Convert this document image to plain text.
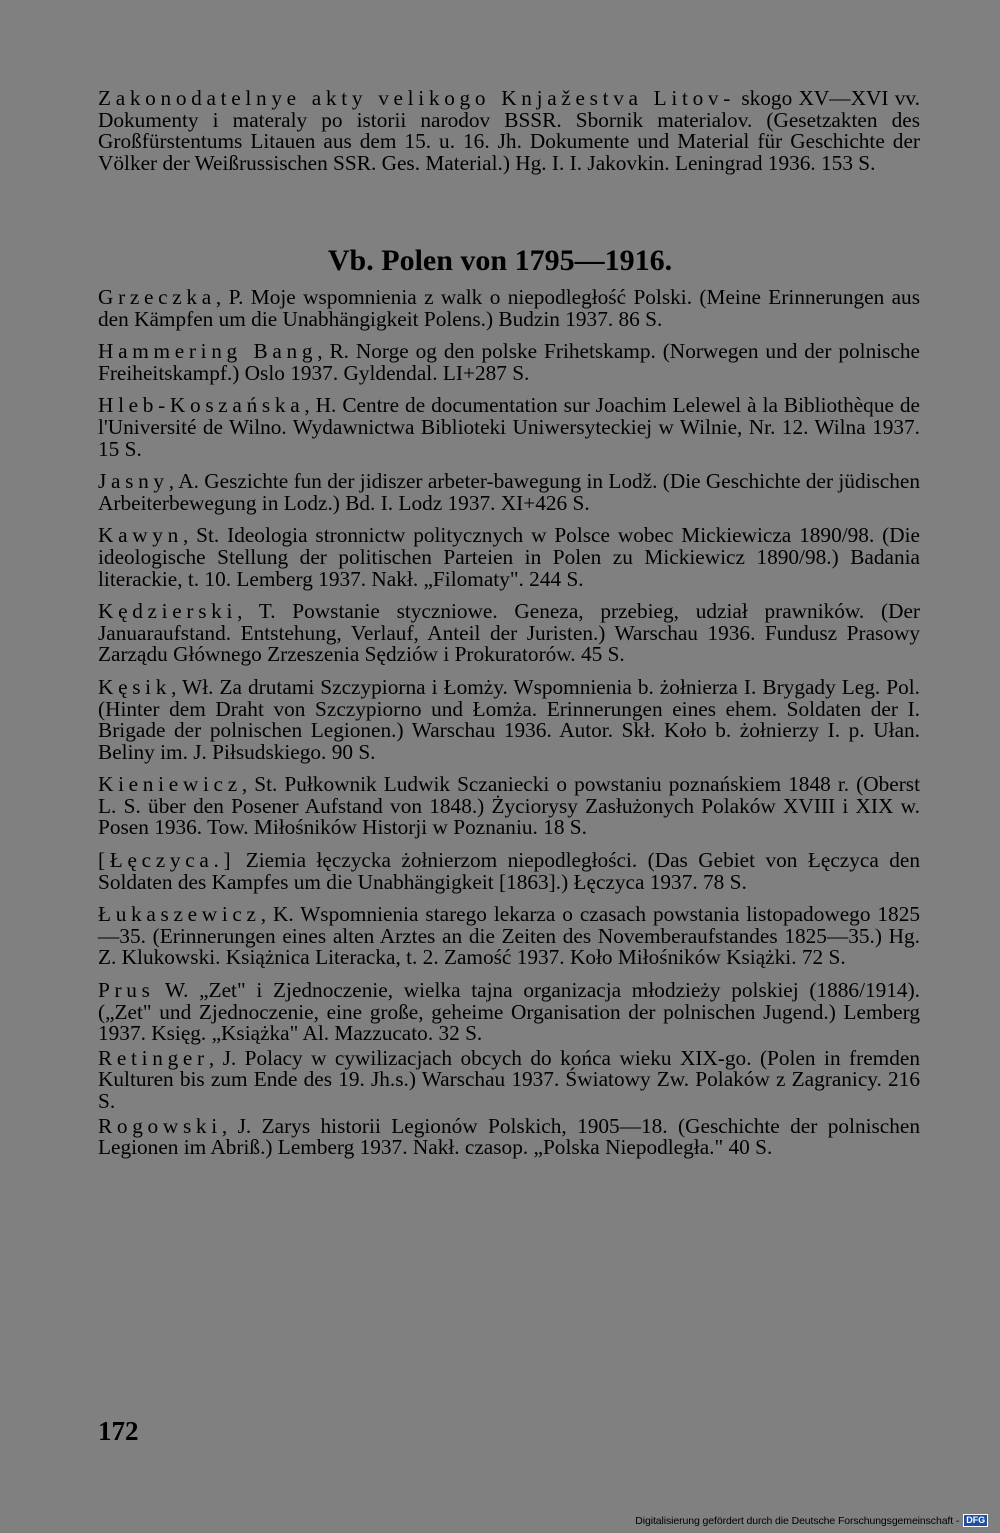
Zakonodatelnye akty velikogo Knjažestva Litov- skogo XV—XVI vv. Dokumenty i materaly po istorii narodov BSSR. Sbornik materialov. (Gesetzakten des Großfürstentums Litauen aus dem 15. u. 16. Jh. Dokumente und Material für Geschichte der Völker der Weißrussischen SSR. Ges. Material.) Hg. I. I. Jakovkin. Leningrad 1936. 153 S.

Vb. Polen von 1795—1916.

Grzeczka, P. Moje wspomnienia z walk o niepodległość Polski. (Meine Erinnerungen aus den Kämpfen um die Unabhängigkeit Polens.) Budzin 1937. 86 S.

Hammering Bang, R. Norge og den polske Frihetskamp. (Norwegen und der polnische Freiheitskampf.) Oslo 1937. Gyldendal. LI+287 S.

Hleb-Koszańska, H. Centre de documentation sur Joachim Lelewel à la Bibliothèque de l'Université de Wilno. Wydawnictwa Biblioteki Uniwersyteckiej w Wilnie, Nr. 12. Wilna 1937. 15 S.

Jasny, A. Geszichte fun der jidiszer arbeter-bawegung in Lodž. (Die Geschichte der jüdischen Arbeiterbewegung in Lodz.) Bd. I. Lodz 1937. XI+426 S.

Kawyn, St. Ideologia stronnictw politycznych w Polsce wobec Mickiewicza 1890/98. (Die ideologische Stellung der politischen Parteien in Polen zu Mickiewicz 1890/98.) Badania literackie, t. 10. Lemberg 1937. Nakł. „Filomaty". 244 S.

Kędzierski, T. Powstanie styczniowe. Geneza, przebieg, udział prawników. (Der Januaraufstand. Entstehung, Verlauf, Anteil der Juristen.) Warschau 1936. Fundusz Prasowy Zarządu Głównego Zrzeszenia Sędziów i Prokuratorów. 45 S.

Kęsik, Wł. Za drutami Szczypiorna i Łomży. Wspomnienia b. żołnierza I. Brygady Leg. Pol. (Hinter dem Draht von Szczypiorno und Łomża. Erinnerungen eines ehem. Soldaten der I. Brigade der polnischen Legionen.) Warschau 1936. Autor. Skł. Koło b. żołnierzy I. p. Ułan. Beliny im. J. Piłsudskiego. 90 S.

Kieniewicz, St. Pułkownik Ludwik Sczaniecki o powstaniu poznańskiem 1848 r. (Oberst L. S. über den Posener Aufstand von 1848.) Życiorysy Zasłużonych Polaków XVIII i XIX w. Posen 1936. Tow. Miłośników Historji w Poznaniu. 18 S.

[Łęczyca.] Ziemia łęczycka żołnierzom niepodległości. (Das Gebiet von Łęczyca den Soldaten des Kampfes um die Unabhängigkeit [1863].) Łęczyca 1937. 78 S.

Łukaszewicz, K. Wspomnienia starego lekarza o czasach powstania listopadowego 1825—35. (Erinnerungen eines alten Arztes an die Zeiten des Novemberaufstandes 1825—35.) Hg. Z. Klukowski. Książnica Literacka, t. 2. Zamość 1937. Koło Miłośników Książki. 72 S.

Prus W. „Zet" i Zjednoczenie, wielka tajna organizacja młodzieży polskiej (1886/1914). („Zet" und Zjednoczenie, eine große, geheime Organisation der polnischen Jugend.) Lemberg 1937. Księg. „Książka" Al. Mazzucato. 32 S.

Retinger, J. Polacy w cywilizacjach obcych do końca wieku XIX-go. (Polen in fremden Kulturen bis zum Ende des 19. Jh.s.) Warschau 1937. Światowy Zw. Polaków z Zagranicy. 216 S.

Rogowski, J. Zarys historii Legionów Polskich, 1905—18. (Geschichte der polnischen Legionen im Abriß.) Lemberg 1937. Nakł. czasop. „Polska Niepodległa." 40 S.

172
Digitalisierung gefördert durch die Deutsche Forschungsgemeinschaft - DFG
